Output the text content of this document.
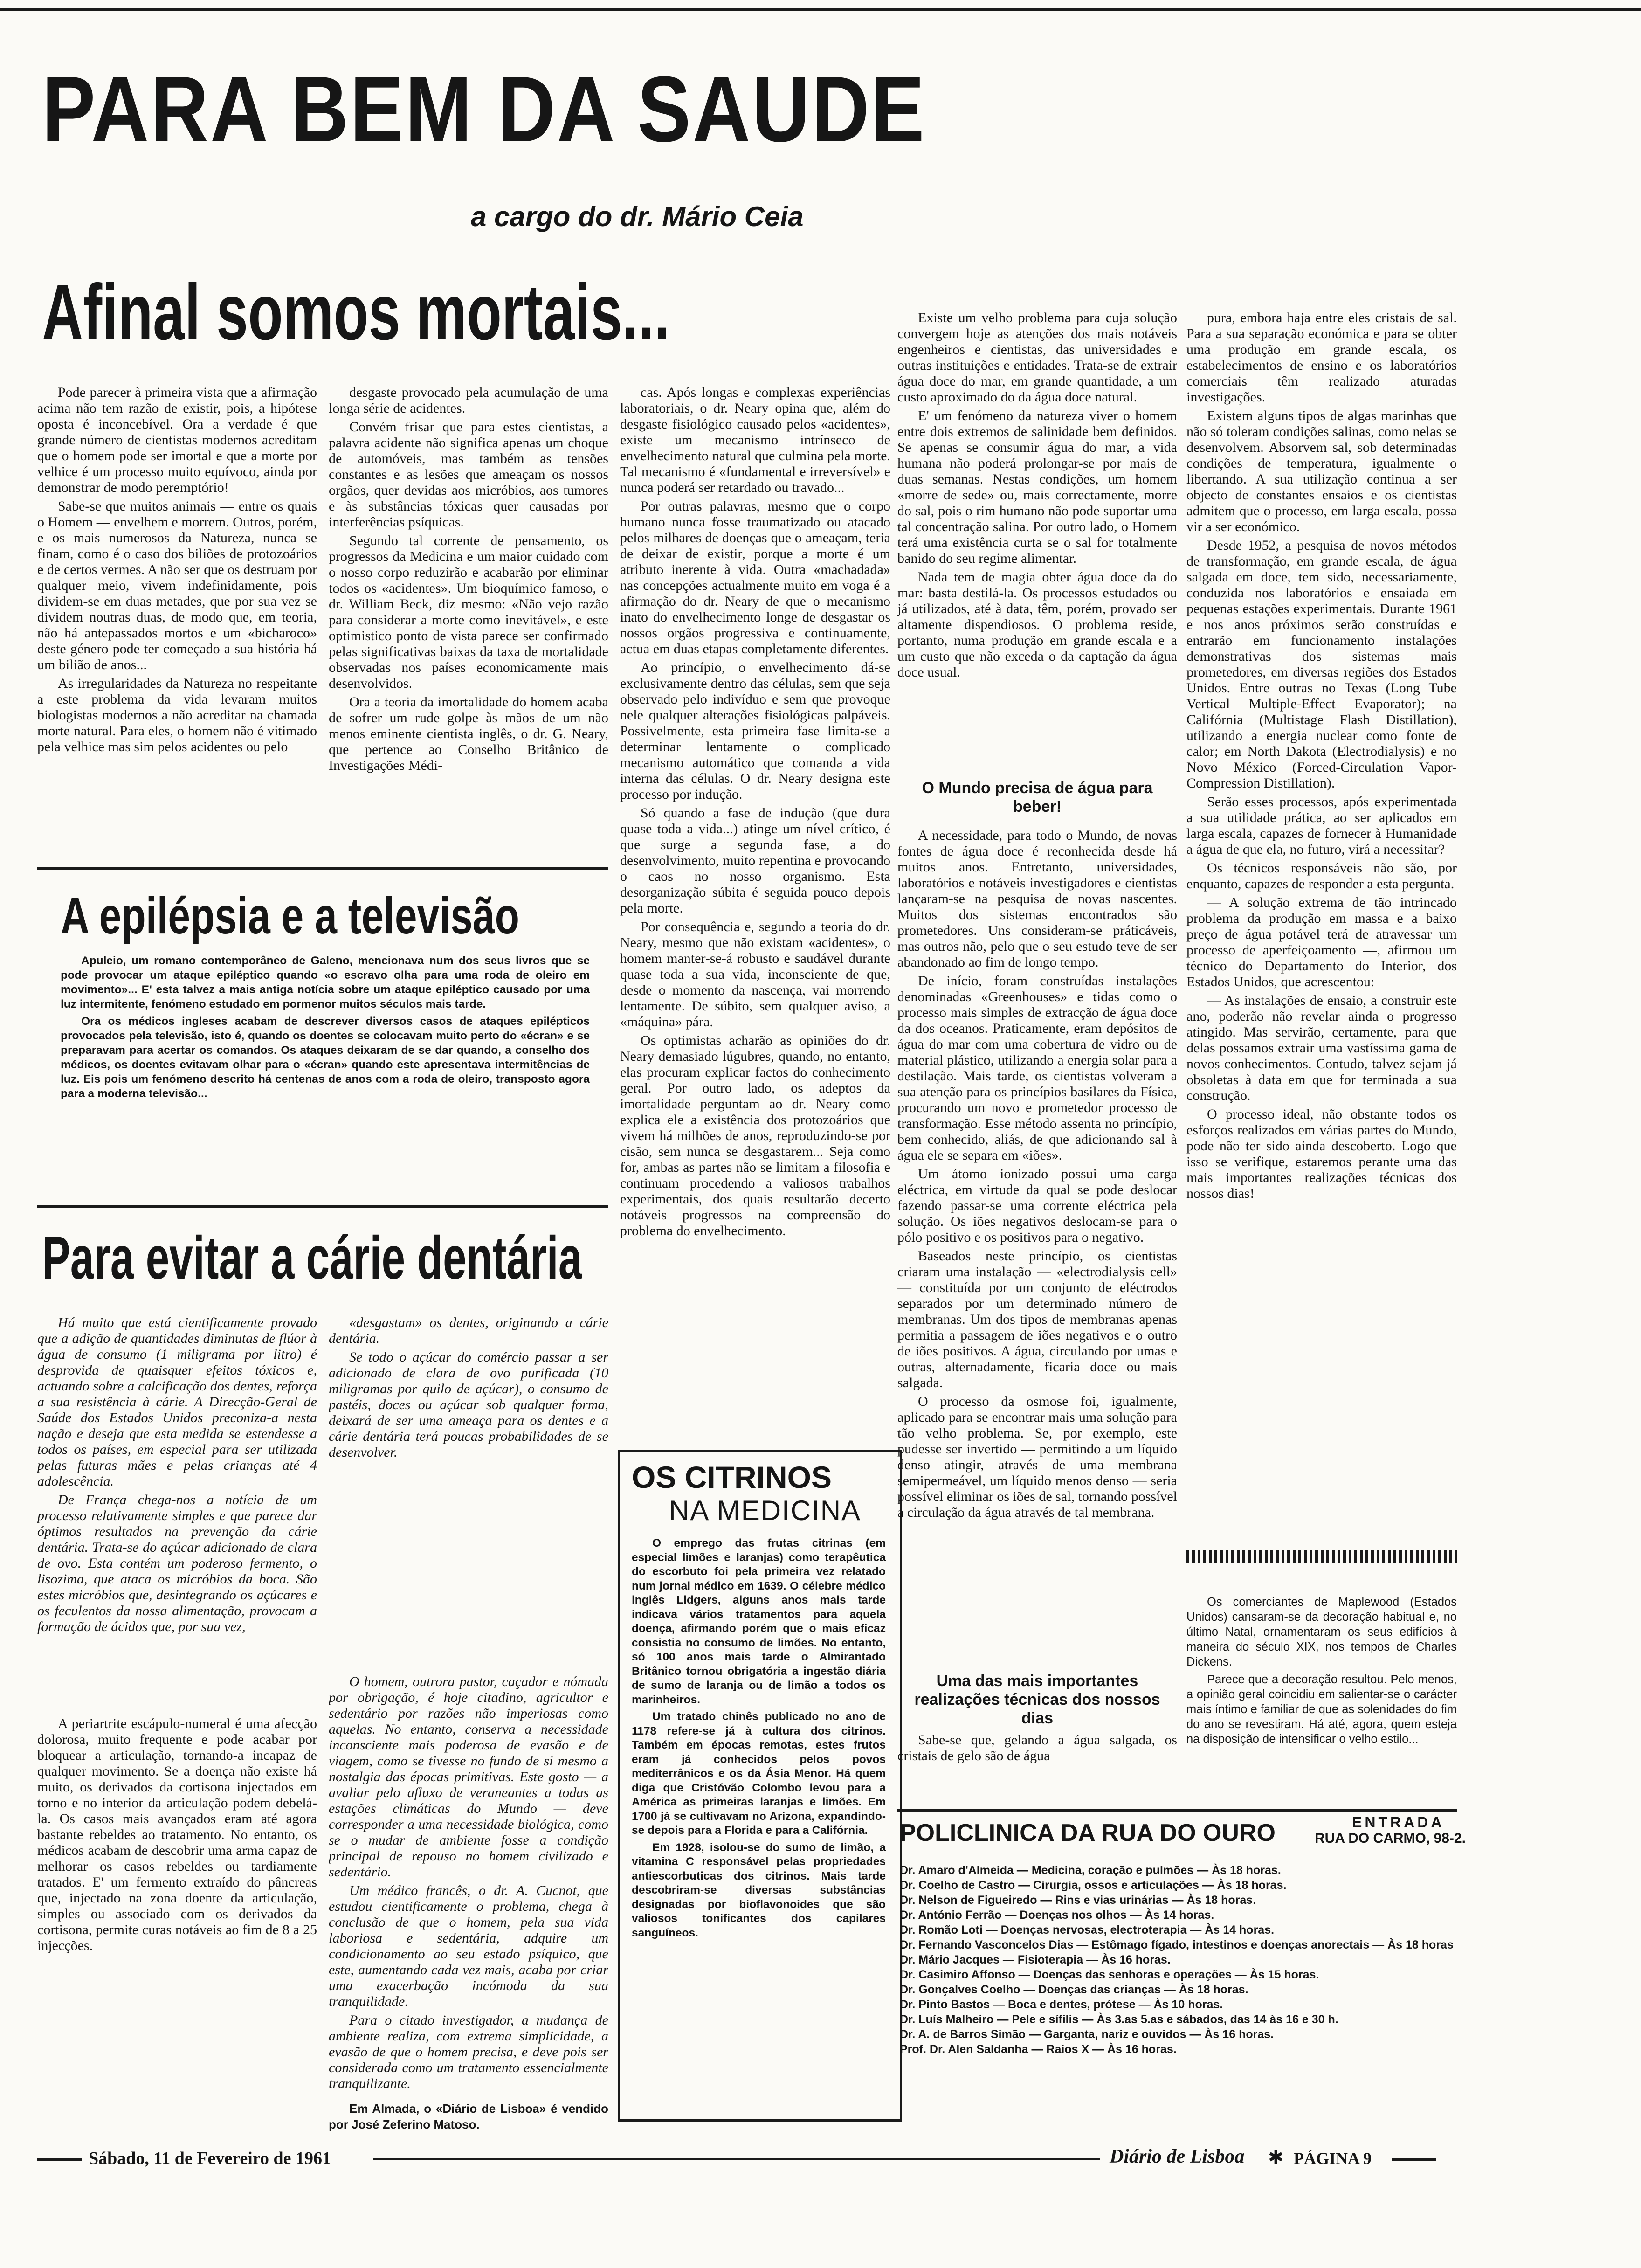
PARA BEM DA SAUDE
a cargo do dr. Mário Ceia
Afinal somos mortais...

Pode parecer à primeira vista que a afirmação acima não tem razão de existir, pois, a hipótese oposta é inconcebível. Ora a verdade é que grande número de cientistas modernos acreditam que o homem pode ser imortal e que a morte por velhice é um processo muito equívoco, ainda por demonstrar de modo peremptório!

Sabe-se que muitos animais — entre os quais o Homem — envelhem e morrem. Outros, porém, e os mais numerosos da Natureza, nunca se finam, como é o caso dos biliões de protozoários e de certos vermes. A não ser que os destruam por qualquer meio, vivem indefinidamente, pois dividem-se em duas metades, que por sua vez se dividem noutras duas, de modo que, em teoria, não há antepassados mortos e um «bicharoco» deste género pode ter começado a sua história há um bilião de anos...

As irregularidades da Natureza no respeitante a este problema da vida levaram muitos biologistas modernos a não acreditar na chamada morte natural. Para eles, o homem não é vitimado pela velhice mas sim pelos acidentes ou pelo

desgaste provocado pela acumulação de uma longa série de acidentes.

Convém frisar que para estes cientistas, a palavra acidente não significa apenas um choque de automóveis, mas também as tensões constantes e as lesões que ameaçam os nossos orgãos, quer devidas aos micróbios, aos tumores e às substâncias tóxicas quer causadas por interferências psíquicas.

Segundo tal corrente de pensamento, os progressos da Medicina e um maior cuidado com o nosso corpo reduzirão e acabarão por eliminar todos os «acidentes». Um bioquímico famoso, o dr. William Beck, diz mesmo: «Não vejo razão para considerar a morte como inevitável», e este optimistico ponto de vista parece ser confirmado pelas significativas baixas da taxa de mortalidade observadas nos países economicamente mais desenvolvidos.

Ora a teoria da imortalidade do homem acaba de sofrer um rude golpe às mãos de um não menos eminente cientista inglês, o dr. G. Neary, que pertence ao Conselho Britânico de Investigações Médi-

cas. Após longas e complexas experiências laboratoriais, o dr. Neary opina que, além do desgaste fisiológico causado pelos «acidentes», existe um mecanismo intrínseco de envelhecimento natural que culmina pela morte. Tal mecanismo é «fundamental e irreversível» e nunca poderá ser retardado ou travado...

Por outras palavras, mesmo que o corpo humano nunca fosse traumatizado ou atacado pelos milhares de doenças que o ameaçam, teria de deixar de existir, porque a morte é um atributo inerente à vida. Outra «machadada» nas concepções actualmente muito em voga é a afirmação do dr. Neary de que o mecanismo inato do envelhecimento longe de desgastar os nossos orgãos progressiva e continuamente, actua em duas etapas completamente diferentes.

Ao princípio, o envelhecimento dá-se exclusivamente dentro das células, sem que seja observado pelo indivíduo e sem que provoque nele qualquer alterações fisiológicas palpáveis. Possivelmente, esta primeira fase limita-se a determinar lentamente o complicado mecanismo automático que comanda a vida interna das células. O dr. Neary designa este processo por indução.

Só quando a fase de indução (que dura quase toda a vida...) atinge um nível crítico, é que surge a segunda fase, a do desenvolvimento, muito repentina e provocando o caos no nosso organismo. Esta desorganização súbita é seguida pouco depois pela morte.

Por consequência e, segundo a teoria do dr. Neary, mesmo que não existam «acidentes», o homem manter-se-á robusto e saudável durante quase toda a sua vida, inconsciente de que, desde o momento da nascença, vai morrendo lentamente. De súbito, sem qualquer aviso, a «máquina» pára.

Os optimistas acharão as opiniões do dr. Neary demasiado lúgubres, quando, no entanto, elas procuram explicar factos do conhecimento geral. Por outro lado, os adeptos da imortalidade perguntam ao dr. Neary como explica ele a existência dos protozoários que vivem há milhões de anos, reproduzindo-se por cisão, sem nunca se desgastarem... Seja como for, ambas as partes não se limitam a filosofia e continuam procedendo a valiosos trabalhos experimentais, dos quais resultarão decerto notáveis progressos na compreensão do problema do envelhecimento.

A epilépsia e a televisão

Apuleio, um romano contemporâneo de Galeno, mencionava num dos seus livros que se pode provocar um ataque epiléptico quando «o escravo olha para uma roda de oleiro em movimento»... E' esta talvez a mais antiga notícia sobre um ataque epiléptico causado por uma luz intermitente, fenómeno estudado em pormenor muitos séculos mais tarde.

Ora os médicos ingleses acabam de descrever diversos casos de ataques epilépticos provocados pela televisão, isto é, quando os doentes se colocavam muito perto do «écran» e se preparavam para acertar os comandos. Os ataques deixaram de se dar quando, a conselho dos médicos, os doentes evitavam olhar para o «écran» quando este apresentava intermitências de luz. Eis pois um fenómeno descrito há centenas de anos com a roda de oleiro, transposto agora para a moderna televisão...

Para evitar a cárie dentária

Há muito que está cientificamente provado que a adição de quantidades diminutas de flúor à água de consumo (1 miligrama por litro) é desprovida de quaisquer efeitos tóxicos e, actuando sobre a calcificação dos dentes, reforça a sua resistência à cárie. A Direcção-Geral de Saúde dos Estados Unidos preconiza-a nesta nação e deseja que esta medida se estendesse a todos os países, em especial para ser utilizada pelas futuras mães e pelas crianças até 4 adolescência.

De França chega-nos a notícia de um processo relativamente simples e que parece dar óptimos resultados na prevenção da cárie dentária. Trata-se do açúcar adicionado de clara de ovo. Esta contém um poderoso fermento, o lisozima, que ataca os micróbios da boca. São estes micróbios que, desintegrando os açúcares e os feculentos da nossa alimentação, provocam a formação de ácidos que, por sua vez,

«desgastam» os dentes, originando a cárie dentária.

Se todo o açúcar do comércio passar a ser adicionado de clara de ovo purificada (10 miligramas por quilo de açúcar), o consumo de pastéis, doces ou açúcar sob qualquer forma, deixará de ser uma ameaça para os dentes e a cárie dentária terá poucas probabilidades de se desenvolver.

O homem, outrora pastor, caçador e nómada por obrigação, é hoje citadino, agricultor e sedentário por razões não imperiosas como aquelas. No entanto, conserva a necessidade inconsciente mais poderosa de evasão e de viagem, como se tivesse no fundo de si mesmo a nostalgia das épocas primitivas. Este gosto — a avaliar pelo afluxo de veraneantes a todas as estações climáticas do Mundo — deve corresponder a uma necessidade biológica, como se o mudar de ambiente fosse a condição principal de repouso no homem civilizado e sedentário.

Um médico francês, o dr. A. Cucnot, que estudou cientificamente o problema, chega à conclusão de que o homem, pela sua vida laboriosa e sedentária, adquire um condicionamento ao seu estado psíquico, que este, aumentando cada vez mais, acaba por criar uma exacerbação incómoda da sua tranquilidade.

Para o citado investigador, a mudança de ambiente realiza, com extrema simplicidade, a evasão de que o homem precisa, e deve pois ser considerada como um tratamento essencialmente tranquilizante.

A periartrite escápulo-numeral é uma afecção dolorosa, muito frequente e pode acabar por bloquear a articulação, tornando-a incapaz de qualquer movimento. Se a doença não existe há muito, os derivados da cortisona injectados em torno e no interior da articulação podem debelá-la. Os casos mais avançados eram até agora bastante rebeldes ao tratamento. No entanto, os médicos acabam de descobrir uma arma capaz de melhorar os casos rebeldes ou tardiamente tratados. E' um fermento extraído do pâncreas que, injectado na zona doente da articulação, simples ou associado com os derivados da cortisona, permite curas notáveis ao fim de 8 a 25 injecções.

Em Almada, o «Diário de Lisboa» é vendido por José Zeferino Matoso.

OS CITRINOS
NA MEDICINA

O emprego das frutas citrinas (em especial limões e laranjas) como terapêutica do escorbuto foi pela primeira vez relatado num jornal médico em 1639. O célebre médico inglês Lidgers, alguns anos mais tarde indicava vários tratamentos para aquela doença, afirmando porém que o mais eficaz consistia no consumo de limões. No entanto, só 100 anos mais tarde o Almirantado Britânico tornou obrigatória a ingestão diária de sumo de laranja ou de limão a todos os marinheiros.

Um tratado chinês publicado no ano de 1178 refere-se já à cultura dos citrinos. Também em épocas remotas, estes frutos eram já conhecidos pelos povos mediterrânicos e os da Ásia Menor. Há quem diga que Cristóvão Colombo levou para a América as primeiras laranjas e limões. Em 1700 já se cultivavam no Arizona, expandindo-se depois para a Florida e para a Califórnia.

Em 1928, isolou-se do sumo de limão, a vitamina C responsável pelas propriedades antiescorbuticas dos citrinos. Mais tarde descobriram-se diversas substâncias designadas por bioflavonoides que são valiosos tonificantes dos capilares sanguíneos.

Existe um velho problema para cuja solução convergem hoje as atenções dos mais notáveis engenheiros e cientistas, das universidades e outras instituições e entidades. Trata-se de extrair água doce do mar, em grande quantidade, a um custo aproximado do da água doce natural.

E' um fenómeno da natureza viver o homem entre dois extremos de salinidade bem definidos. Se apenas se consumir água do mar, a vida humana não poderá prolongar-se por mais de duas semanas. Nestas condições, um homem «morre de sede» ou, mais correctamente, morre do sal, pois o rim humano não pode suportar uma tal concentração salina. Por outro lado, o Homem terá uma existência curta se o sal for totalmente banido do seu regime alimentar.

Nada tem de magia obter água doce da do mar: basta destilá-la. Os processos estudados ou já utilizados, até à data, têm, porém, provado ser altamente dispendiosos. O problema reside, portanto, numa produção em grande escala e a um custo que não exceda o da captação da água doce usual.

O Mundo precisa de água para beber!

A necessidade, para todo o Mundo, de novas fontes de água doce é reconhecida desde há muitos anos. Entretanto, universidades, laboratórios e notáveis investigadores e cientistas lançaram-se na pesquisa de novas nascentes. Muitos dos sistemas encontrados são prometedores. Uns consideram-se práticáveis, mas outros não, pelo que o seu estudo teve de ser abandonado ao fim de longo tempo.

De início, foram construídas instalações denominadas «Greenhouses» e tidas como o processo mais simples de extracção de água doce da dos oceanos. Praticamente, eram depósitos de água do mar com uma cobertura de vidro ou de material plástico, utilizando a energia solar para a destilação. Mais tarde, os cientistas volveram a sua atenção para os princípios basilares da Física, procurando um novo e prometedor processo de transformação. Esse método assenta no princípio, bem conhecido, aliás, de que adicionando sal à água ele se separa em «iões».

Um átomo ionizado possui uma carga eléctrica, em virtude da qual se pode deslocar fazendo passar-se uma corrente eléctrica pela solução. Os iões negativos deslocam-se para o pólo positivo e os positivos para o negativo.

Baseados neste princípio, os cientistas criaram uma instalação — «electrodialysis cell» — constituída por um conjunto de eléctrodos separados por um determinado número de membranas. Um dos tipos de membranas apenas permitia a passagem de iões negativos e o outro de iões positivos. A água, circulando por umas e outras, alternadamente, ficaria doce ou mais salgada.

O processo da osmose foi, igualmente, aplicado para se encontrar mais uma solução para tão velho problema. Se, por exemplo, este pudesse ser invertido — permitindo a um líquido denso atingir, através de uma membrana semipermeável, um líquido menos denso — seria possível eliminar os iões de sal, tornando possível a circulação da água através de tal membrana.

Uma das mais importantes realizações técnicas dos nossos dias

Sabe-se que, gelando a água salgada, os cristais de gelo são de água

pura, embora haja entre eles cristais de sal. Para a sua separação económica e para se obter uma produção em grande escala, os estabelecimentos de ensino e os laboratórios comerciais têm realizado aturadas investigações.

Existem alguns tipos de algas marinhas que não só toleram condições salinas, como nelas se desenvolvem. Absorvem sal, sob determinadas condições de temperatura, igualmente o libertando. A sua utilização continua a ser objecto de constantes ensaios e os cientistas admitem que o processo, em larga escala, possa vir a ser económico.

Desde 1952, a pesquisa de novos métodos de transformação, em grande escala, de água salgada em doce, tem sido, necessariamente, conduzida nos laboratórios e ensaiada em pequenas estações experimentais. Durante 1961 e nos anos próximos serão construídas e entrarão em funcionamento instalações demonstrativas dos sistemas mais prometedores, em diversas regiões dos Estados Unidos. Entre outras no Texas (Long Tube Vertical Multiple-Effect Evaporator); na Califórnia (Multistage Flash Distillation), utilizando a energia nuclear como fonte de calor; em North Dakota (Electrodialysis) e no Novo México (Forced-Circulation Vapor-Compression Distillation).

Serão esses processos, após experimentada a sua utilidade prática, ao ser aplicados em larga escala, capazes de fornecer à Humanidade a água de que ela, no futuro, virá a necessitar?

Os técnicos responsáveis não são, por enquanto, capazes de responder a esta pergunta.

— A solução extrema de tão intrincado problema da produção em massa e a baixo preço de água potável terá de atravessar um processo de aperfeiçoamento —, afirmou um técnico do Departamento do Interior, dos Estados Unidos, que acrescentou:

— As instalações de ensaio, a construir este ano, poderão não revelar ainda o progresso atingido. Mas servirão, certamente, para que delas possamos extrair uma vastíssima gama de novos conhecimentos. Contudo, talvez sejam já obsoletas à data em que for terminada a sua construção.

O processo ideal, não obstante todos os esforços realizados em várias partes do Mundo, pode não ter sido ainda descoberto. Logo que isso se verifique, estaremos perante uma das mais importantes realizações técnicas dos nossos dias!

Os comerciantes de Maplewood (Estados Unidos) cansaram-se da decoração habitual e, no último Natal, ornamentaram os seus edifícios à maneira do século XIX, nos tempos de Charles Dickens.

Parece que a decoração resultou. Pelo menos, a opinião geral coincidiu em salientar-se o carácter mais íntimo e familiar de que as solenidades do fim do ano se revestiram. Há até, agora, quem esteja na disposição de intensificar o velho estilo...

POLICLINICA DA RUA DO OURO	ENTRADA
RUA DO CARMO, 98-2.
Dr. Amaro d'Almeida — Medicina, coração e pulmões — Às 18 horas.
Dr. Coelho de Castro — Cirurgia, ossos e articulações — Às 18 horas.
Dr. Nelson de Figueiredo — Rins e vias urinárias — Às 18 horas.
Dr. António Ferrão — Doenças nos olhos — Às 14 horas.
Dr. Romão Loti — Doenças nervosas, electroterapia — Às 14 horas.
Dr. Fernando Vasconcelos Dias — Estômago fígado, intestinos e doenças anorectais — Às 18 horas
Dr. Mário Jacques — Fisioterapia — Às 16 horas.
Dr. Casimiro Affonso — Doenças das senhoras e operações — Às 15 horas.
Dr. Gonçalves Coelho — Doenças das crianças — Às 18 horas.
Dr. Pinto Bastos — Boca e dentes, prótese — Às 10 horas.
Dr. Luís Malheiro — Pele e sífilis — Às 3.as 5.as e sábados, das 14 às 16 e 30 h.
Dr. A. de Barros Simão — Garganta, nariz e ouvidos — Às 16 horas.
Prof. Dr. Alen Saldanha — Raios X — Às 16 horas.
Sábado, 11 de Fevereiro de 1961	Diário de Lisboa ✱ PÁGINA 9
